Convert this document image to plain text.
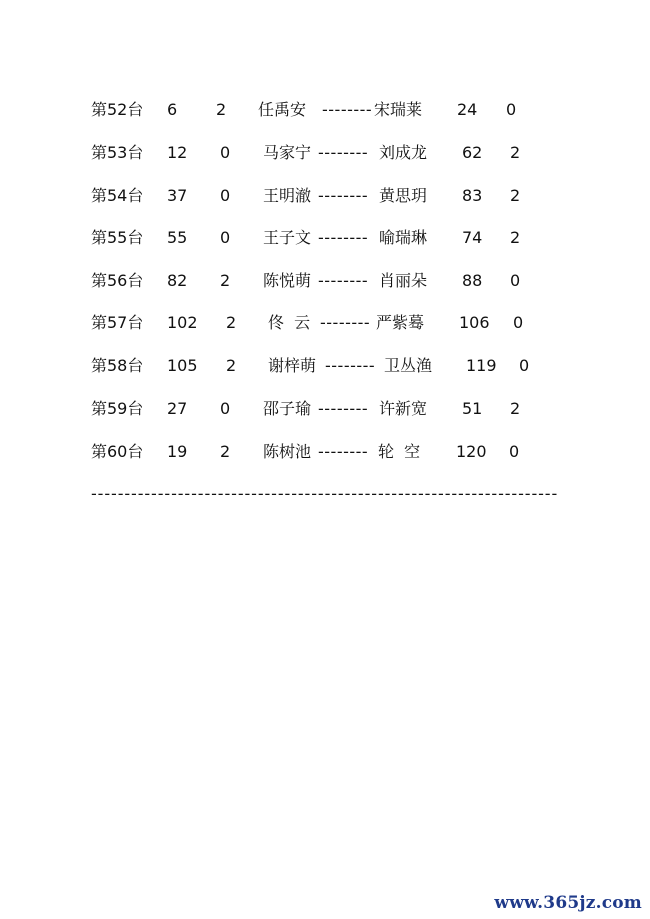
第52台 6 2 任禹安 -------- 宋瑞莱 24 0
第53台 12 0 马家宁 -------- 刘成龙 62 2
第54台 37 0 王明澈 -------- 黄思玥 83 2
第55台 55 0 王子文 -------- 喻瑞琳 74 2
第56台 82 2 陈悦萌 -------- 肖丽朵 88 0
第57台 102 2 佟  云 -------- 严紫蓦 106 0
第58台 105 2 谢梓萌 -------- 卫丛渔 119 0
第59台 27 0 邵子瑜 -------- 许新宽 51 2
第60台 19 2 陈树池 -------- 轮  空 120 0
----------------------------------------------------------------------
www.365jz.com
